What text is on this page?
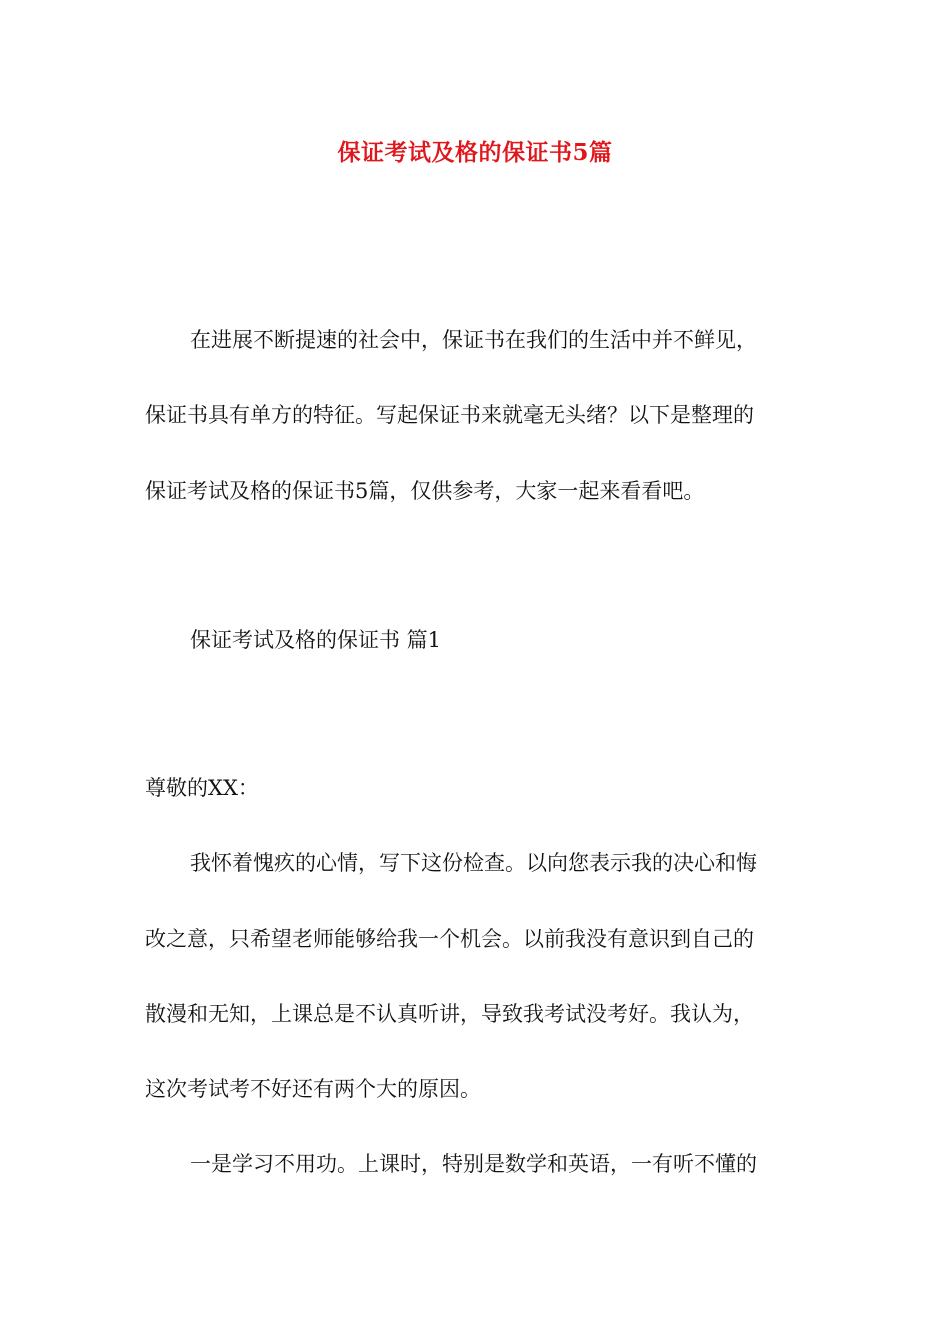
保证考试及格的保证书5篇
在进展不断提速的社会中，保证书在我们的生活中并不鲜见，
保证书具有单方的特征。写起保证书来就毫无头绪？以下是整理的
保证考试及格的保证书5篇，仅供参考，大家一起来看看吧。
保证考试及格的保证书 篇1
尊敬的XX：
我怀着愧疚的心情，写下这份检查。以向您表示我的决心和悔
改之意，只希望老师能够给我一个机会。以前我没有意识到自己的
散漫和无知，上课总是不认真听讲，导致我考试没考好。我认为，
这次考试考不好还有两个大的原因。
一是学习不用功。上课时，特别是数学和英语，一有听不懂的
